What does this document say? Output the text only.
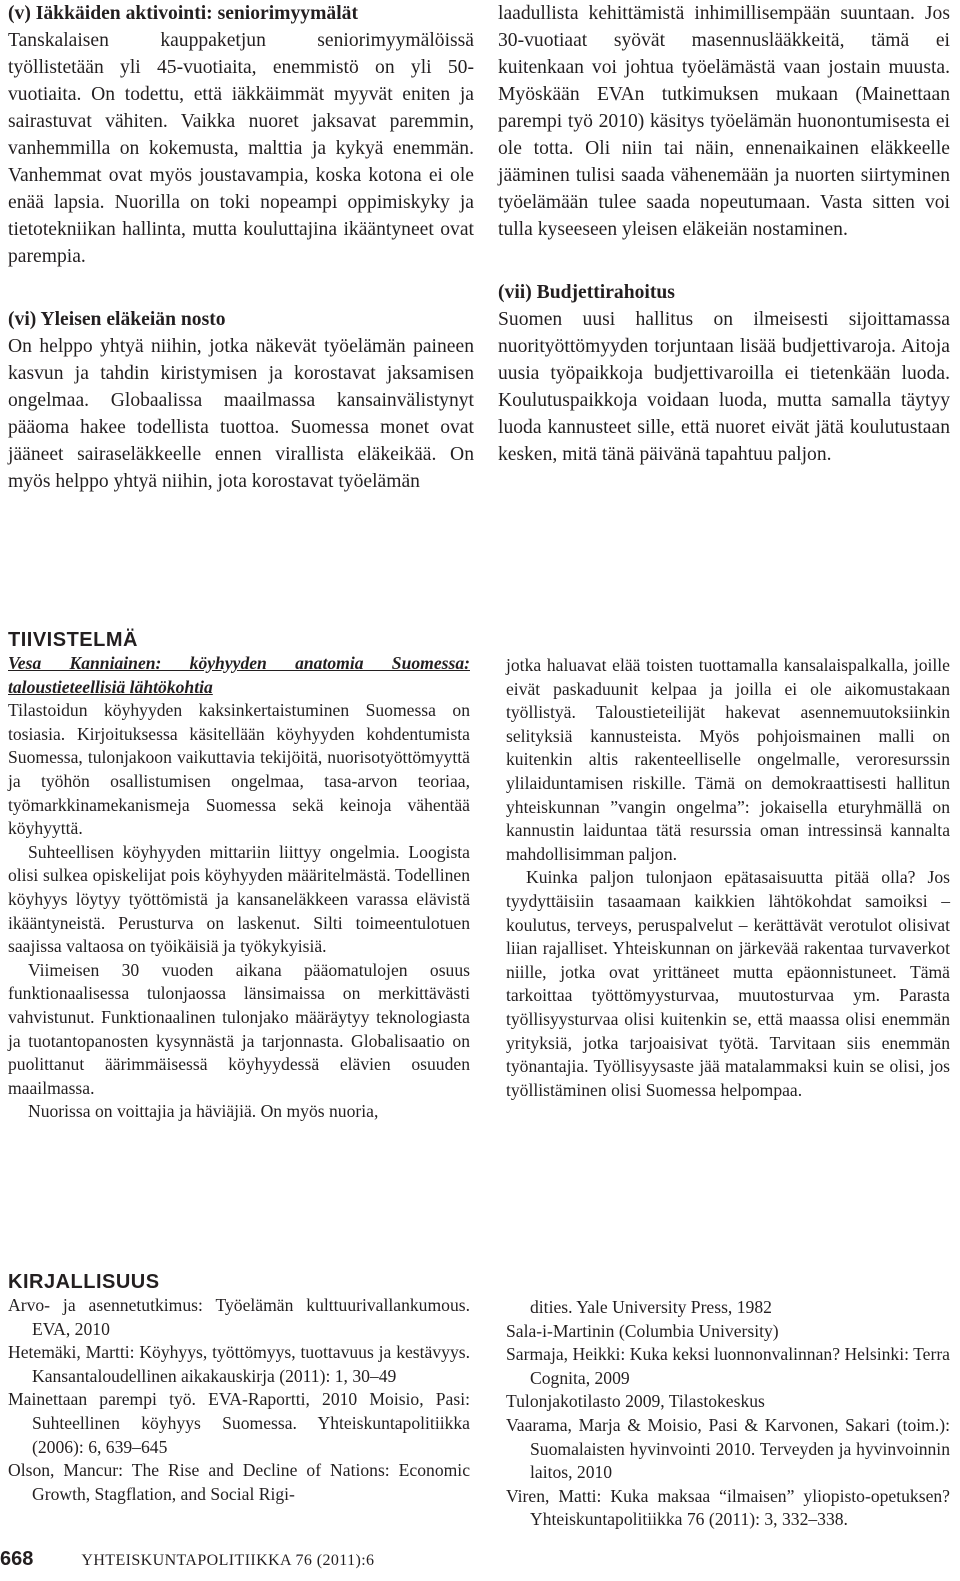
(v) Iäkkäiden aktivointi: seniorimyymälät

Tanskalaisen kauppaketjun seniorimyymälöissä työllistetään yli 45-vuotiaita, enemmistö on yli 50-vuotiaita. On todettu, että iäkkäimmät myyvät eniten ja sairastuvat vähiten. Vaikka nuoret jaksavat paremmin, vanhemmilla on kokemusta, malttia ja kykyä enemmän. Vanhemmat ovat myös joustavampia, koska kotona ei ole enää lapsia. Nuorilla on toki nopeampi oppimiskyky ja tietotekniikan hallinta, mutta kouluttajina ikääntyneet ovat parempia.

(vi) Yleisen eläkeiän nosto

On helppo yhtyä niihin, jotka näkevät työelämän paineen kasvun ja tahdin kiristymisen ja korostavat jaksamisen ongelmaa. Globaalissa maailmassa kansainvälistynyt pääoma hakee todellista tuottoa. Suomessa monet ovat jääneet sairaseläkkeelle ennen virallista eläkeikää. On myös helppo yhtyä niihin, jota korostavat työelämän

laadullista kehittämistä inhimillisempään suuntaan. Jos 30-vuotiaat syövät masennuslääkkeitä, tämä ei kuitenkaan voi johtua työelämästä vaan jostain muusta. Myöskään EVAn tutkimuksen mukaan (Mainettaan parempi työ 2010) käsitys työelämän huonontumisesta ei ole totta. Oli niin tai näin, ennenaikainen eläkkeelle jääminen tulisi saada vähenemään ja nuorten siirtyminen työelämään tulee saada nopeutumaan. Vasta sitten voi tulla kyseeseen yleisen eläkeiän nostaminen.

(vii) Budjettirahoitus

Suomen uusi hallitus on ilmeisesti sijoittamassa nuorityöttömyyden torjuntaan lisää budjettivaroja. Aitoja uusia työpaikkoja budjettivaroilla ei tietenkään luoda. Koulutuspaikkoja voidaan luoda, mutta samalla täytyy luoda kannusteet sille, että nuoret eivät jätä koulutustaan kesken, mitä tänä päivänä tapahtuu paljon.

TIIVISTELMÄ

Vesa Kanniainen: köyhyyden anatomia Suomessa: taloustieteellisiä lähtökohtia

Tilastoidun köyhyyden kaksinkertaistuminen Suomessa on tosiasia. Kirjoituksessa käsitellään köyhyyden kohdentumista Suomessa, tulonjakoon vaikuttavia tekijöitä, nuorisotyöttömyyttä ja työhön osallistumisen ongelmaa, tasa-arvon teoriaa, työmarkkinamekanismeja Suomessa sekä keinoja vähentää köyhyyttä.

Suhteellisen köyhyyden mittariin liittyy ongelmia. Loogista olisi sulkea opiskelijat pois köyhyyden määritelmästä. Todellinen köyhyys löytyy työttömistä ja kansaneläkkeen varassa elävistä ikääntyneistä. Perusturva on laskenut. Silti toimeentulotuen saajissa valtaosa on työikäisiä ja työkykyisiä.

Viimeisen 30 vuoden aikana pääomatulojen osuus funktionaalisessa tulonjaossa länsimaissa on merkittävästi vahvistunut. Funktionaalinen tulonjako määräytyy teknologiasta ja tuotantopanosten kysynnästä ja tarjonnasta. Globalisaatio on puolittanut äärimmäisessä köyhyydessä elävien osuuden maailmassa.

Nuorissa on voittajia ja häviäjiä. On myös nuoria,

jotka haluavat elää toisten tuottamalla kansalaispalkalla, joille eivät paskaduunit kelpaa ja joilla ei ole aikomustakaan työllistyä. Taloustieteilijät hakevat asennemuutoksiinkin selityksiä kannusteista. Myös pohjoismainen malli on kuitenkin altis rakenteelliselle ongelmalle, veroresurssin ylilaiduntamisen riskille. Tämä on demokraattisesti hallitun yhteiskunnan ”vangin ongelma”: jokaisella eturyhmällä on kannustin laiduntaa tätä resurssia oman intressinsä kannalta mahdollisimman paljon.

Kuinka paljon tulonjaon epätasaisuutta pitää olla? Jos tyydyttäisiin tasaamaan kaikkien lähtökohdat samoiksi – koulutus, terveys, peruspalvelut – kerättävät verotulot olisivat liian rajalliset. Yhteiskunnan on järkevää rakentaa turvaverkot niille, jotka ovat yrittäneet mutta epäonnistuneet. Tämä tarkoittaa työttömyysturvaa, muutosturvaa ym. Parasta työllisyysturvaa olisi kuitenkin se, että maassa olisi enemmän yrityksiä, jotka tarjoaisivat työtä. Tarvitaan siis enemmän työnantajia. Työllisyysaste jää matalammaksi kuin se olisi, jos työllistäminen olisi Suomessa helpompaa.

KIRJALLISUUS

Arvo- ja asennetutkimus: Työelämän kulttuurivallankumous. EVA, 2010

Hetemäki, Martti: Köyhyys, työttömyys, tuottavuus ja kestävyys. Kansantaloudellinen aikakauskirja (2011): 1, 30–49

Mainettaan parempi työ. EVA-Raportti, 2010 Moisio, Pasi: Suhteellinen köyhyys Suomessa. Yhteiskuntapolitiikka (2006): 6, 639–645

Olson, Mancur: The Rise and Decline of Nations: Economic Growth, Stagflation, and Social Rigi-

dities. Yale University Press, 1982

Sala-i-Martinin (Columbia University)

Sarmaja, Heikki: Kuka keksi luonnonvalinnan? Helsinki: Terra Cognita, 2009

Tulonjakotilasto 2009, Tilastokeskus

Vaarama, Marja & Moisio, Pasi & Karvonen, Sakari (toim.): Suomalaisten hyvinvointi 2010. Terveyden ja hyvinvoinnin laitos, 2010

Viren, Matti: Kuka maksaa “ilmaisen” yliopisto-opetuksen? Yhteiskuntapolitiikka 76 (2011): 3, 332–338.

668	YHTEISKUNTAPOLITIIKKA 76 (2011):6
